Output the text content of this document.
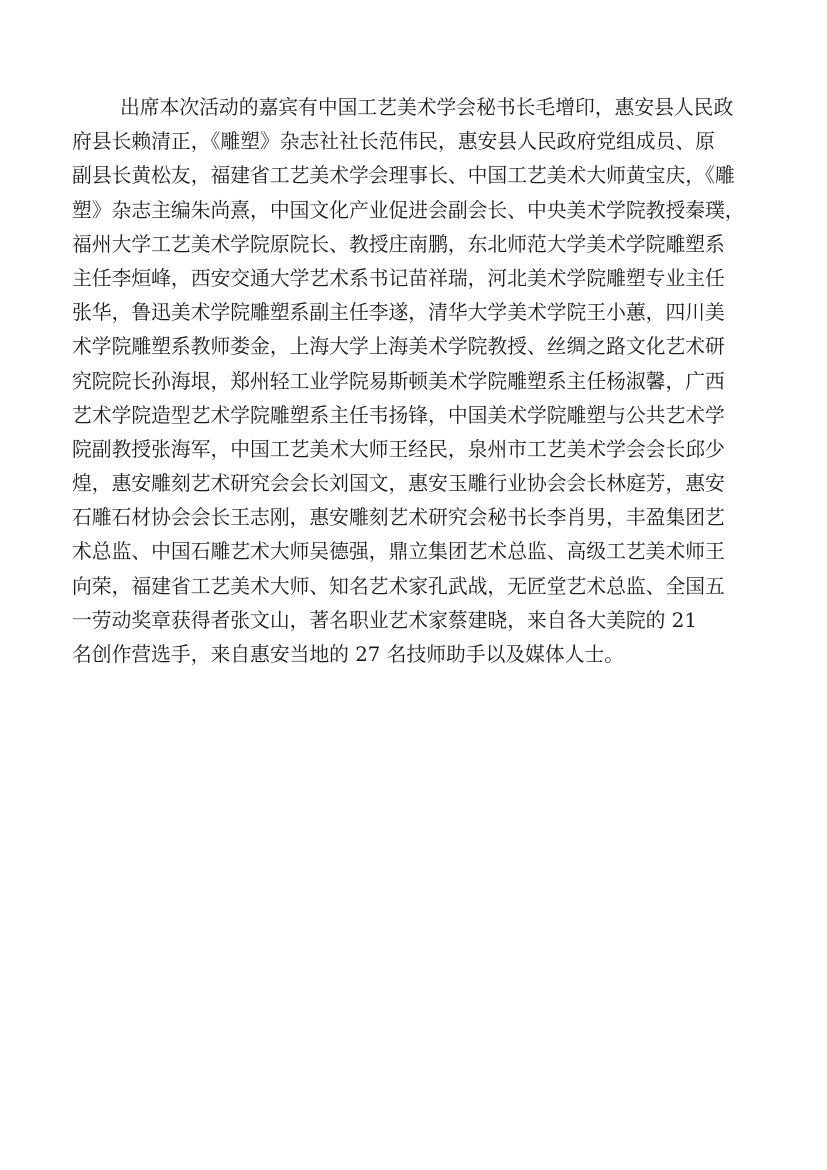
出席本次活动的嘉宾有中国工艺美术学会秘书长毛增印，惠安县人民政
府县长赖清正，《雕塑》杂志社社长范伟民，惠安县人民政府党组成员、原
副县长黄松友，福建省工艺美术学会理事长、中国工艺美术大师黄宝庆，《雕
塑》杂志主编朱尚熹，中国文化产业促进会副会长、中央美术学院教授秦璞，
福州大学工艺美术学院原院长、教授庄南鹏，东北师范大学美术学院雕塑系
主任李烜峰，西安交通大学艺术系书记苗祥瑞，河北美术学院雕塑专业主任
张华，鲁迅美术学院雕塑系副主任李遂，清华大学美术学院王小蕙，四川美
术学院雕塑系教师娄金，上海大学上海美术学院教授、丝绸之路文化艺术研
究院院长孙海垠，郑州轻工业学院易斯顿美术学院雕塑系主任杨淑馨，广西
艺术学院造型艺术学院雕塑系主任韦扬锋，中国美术学院雕塑与公共艺术学
院副教授张海军，中国工艺美术大师王经民，泉州市工艺美术学会会长邱少
煌，惠安雕刻艺术研究会会长刘国文，惠安玉雕行业协会会长林庭芳，惠安
石雕石材协会会长王志刚，惠安雕刻艺术研究会秘书长李肖男，丰盈集团艺
术总监、中国石雕艺术大师吴德强，鼎立集团艺术总监、高级工艺美术师王
向荣，福建省工艺美术大师、知名艺术家孔武战，无匠堂艺术总监、全国五
一劳动奖章获得者张文山，著名职业艺术家蔡建晓，来自各大美院的 21
名创作营选手，来自惠安当地的 27 名技师助手以及媒体人士。
